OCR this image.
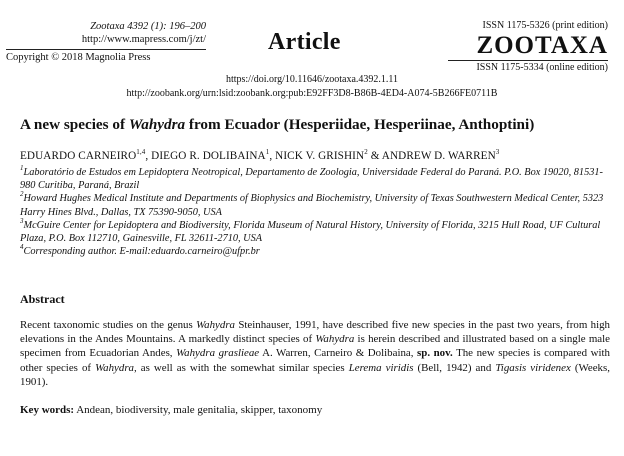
Zootaxa 4392 (1): 196–200
http://www.mapress.com/j/zt/
Copyright © 2018 Magnolia Press
Article
ISSN 1175-5326 (print edition)
ZOOTAXA
ISSN 1175-5334 (online edition)
https://doi.org/10.11646/zootaxa.4392.1.11
http://zoobank.org/urn:lsid:zoobank.org:pub:E92FF3D8-B86B-4ED4-A074-5B266FE0711B
A new species of Wahydra from Ecuador (Hesperiidae, Hesperiinae, Anthoptini)
EDUARDO CARNEIRO$^{1,4}$, DIEGO R. DOLIBAINA$^1$, NICK V. GRISHIN$^2$ & ANDREW D. WARREN$^3$

$^1$Laboratório de Estudos em Lepidoptera Neotropical, Departamento de Zoologia, Universidade Federal do Paraná. P.O. Box 19020, 81531-980 Curitiba, Paraná, Brazil

$^2$Howard Hughes Medical Institute and Departments of Biophysics and Biochemistry, University of Texas Southwestern Medical Center, 5323 Harry Hines Blvd., Dallas, TX 75390-9050, USA

$^3$McGuire Center for Lepidoptera and Biodiversity, Florida Museum of Natural History, University of Florida, 3215 Hull Road, UF Cultural Plaza, P.O. Box 112710, Gainesville, FL 32611-2710, USA

$^4$Corresponding author. E-mail:eduardo.carneiro@ufpr.br

Abstract
Recent taxonomic studies on the genus Wahydra Steinhauser, 1991, have described five new species in the past two years, from high elevations in the Andes Mountains. A markedly distinct species of Wahydra is herein described and illustrated based on a single male specimen from Ecuadorian Andes, Wahydra graslieae A. Warren, Carneiro & Dolibaina, sp. nov. The new species is compared with other species of Wahydra, as well as with the somewhat similar species Lerema viridis (Bell, 1942) and Tigasis viridenex (Weeks, 1901).
Key words: Andean, biodiversity, male genitalia, skipper, taxonomy
